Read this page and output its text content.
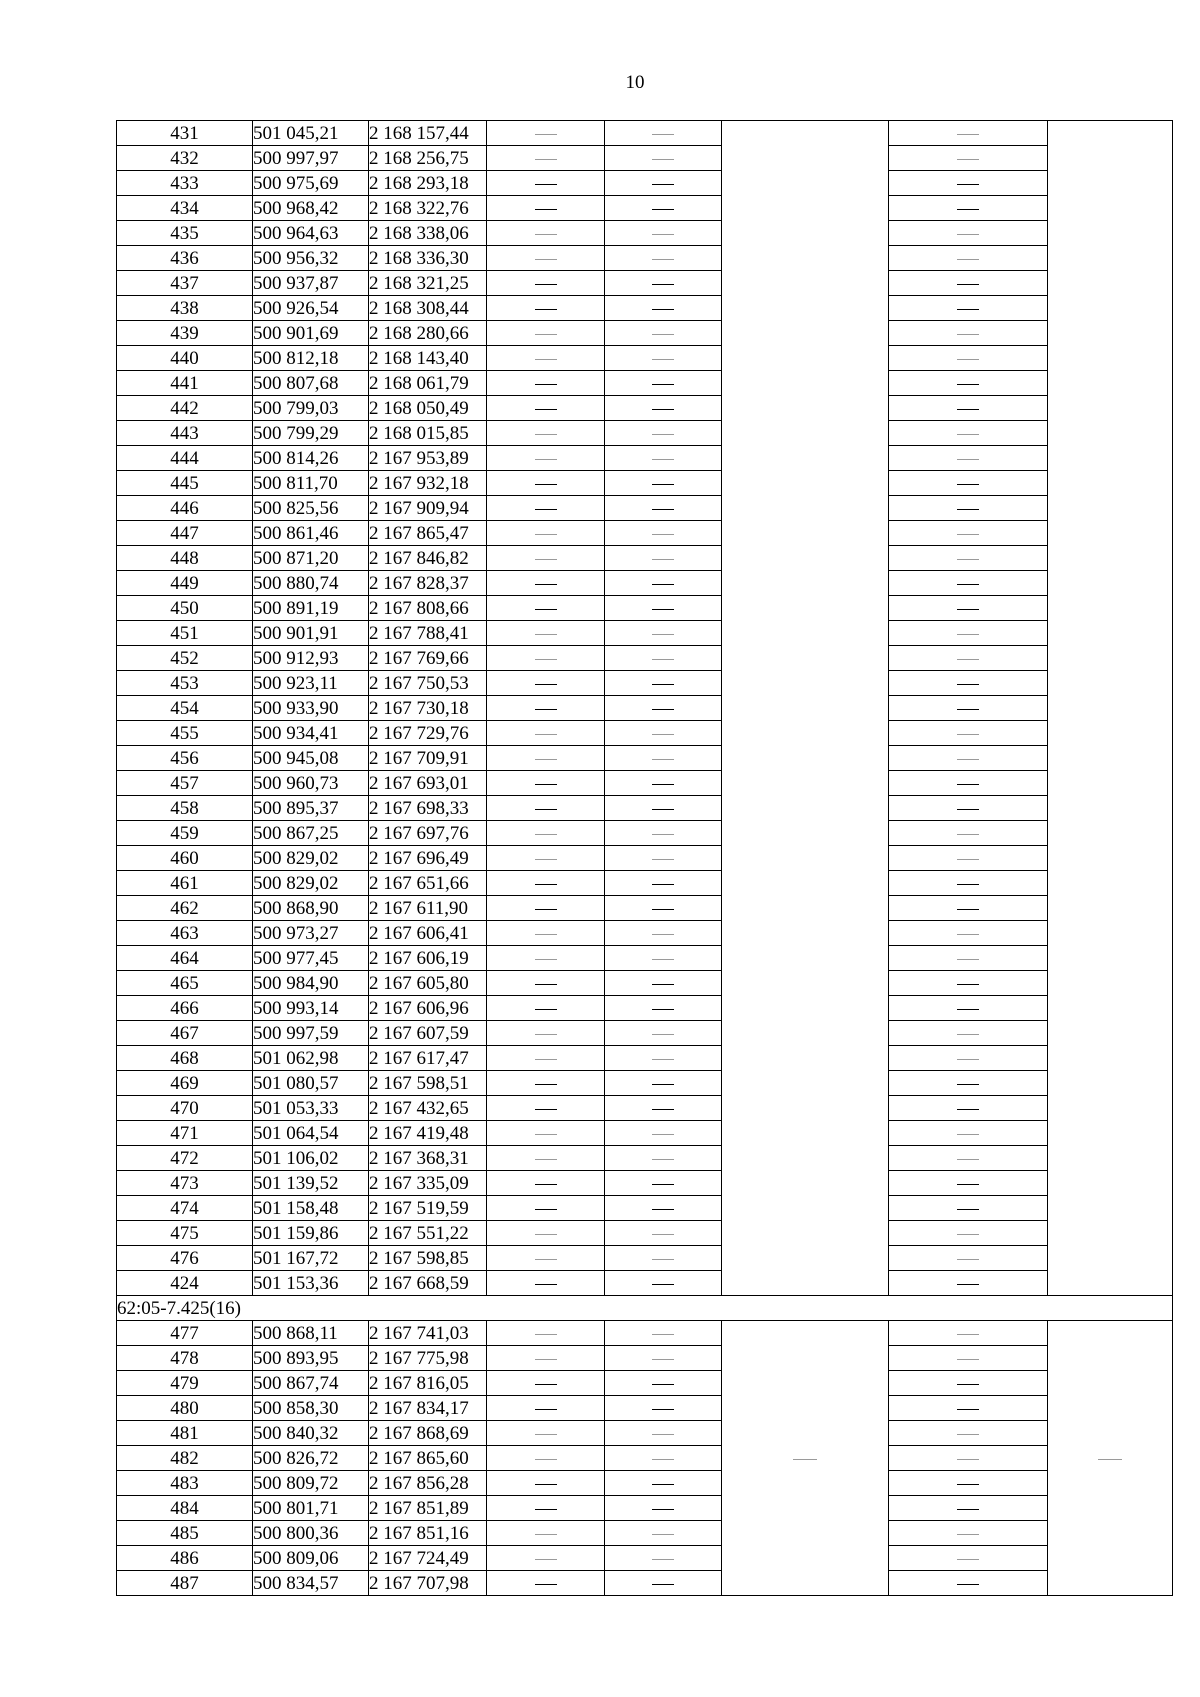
10
431	501 045,21	2 168 157,44					
432	500 997,97	2 168 256,75					
433	500 975,69	2 168 293,18					
434	500 968,42	2 168 322,76					
435	500 964,63	2 168 338,06					
436	500 956,32	2 168 336,30					
437	500 937,87	2 168 321,25					
438	500 926,54	2 168 308,44					
439	500 901,69	2 168 280,66					
440	500 812,18	2 168 143,40					
441	500 807,68	2 168 061,79					
442	500 799,03	2 168 050,49					
443	500 799,29	2 168 015,85					
444	500 814,26	2 167 953,89					
445	500 811,70	2 167 932,18					
446	500 825,56	2 167 909,94					
447	500 861,46	2 167 865,47					
448	500 871,20	2 167 846,82					
449	500 880,74	2 167 828,37					
450	500 891,19	2 167 808,66					
451	500 901,91	2 167 788,41					
452	500 912,93	2 167 769,66					
453	500 923,11	2 167 750,53					
454	500 933,90	2 167 730,18					
455	500 934,41	2 167 729,76					
456	500 945,08	2 167 709,91					
457	500 960,73	2 167 693,01					
458	500 895,37	2 167 698,33					
459	500 867,25	2 167 697,76					
460	500 829,02	2 167 696,49					
461	500 829,02	2 167 651,66					
462	500 868,90	2 167 611,90					
463	500 973,27	2 167 606,41					
464	500 977,45	2 167 606,19					
465	500 984,90	2 167 605,80					
466	500 993,14	2 167 606,96					
467	500 997,59	2 167 607,59					
468	501 062,98	2 167 617,47					
469	501 080,57	2 167 598,51					
470	501 053,33	2 167 432,65					
471	501 064,54	2 167 419,48					
472	501 106,02	2 167 368,31					
473	501 139,52	2 167 335,09					
474	501 158,48	2 167 519,59					
475	501 159,86	2 167 551,22					
476	501 167,72	2 167 598,85					
424	501 153,36	2 167 668,59					
62:05-7.425(16)							
477	500 868,11	2 167 741,03					
478	500 893,95	2 167 775,98					
479	500 867,74	2 167 816,05					
480	500 858,30	2 167 834,17					
481	500 840,32	2 167 868,69					
482	500 826,72	2 167 865,60					
483	500 809,72	2 167 856,28					
484	500 801,71	2 167 851,89					
485	500 800,36	2 167 851,16					
486	500 809,06	2 167 724,49					
487	500 834,57	2 167 707,98					
